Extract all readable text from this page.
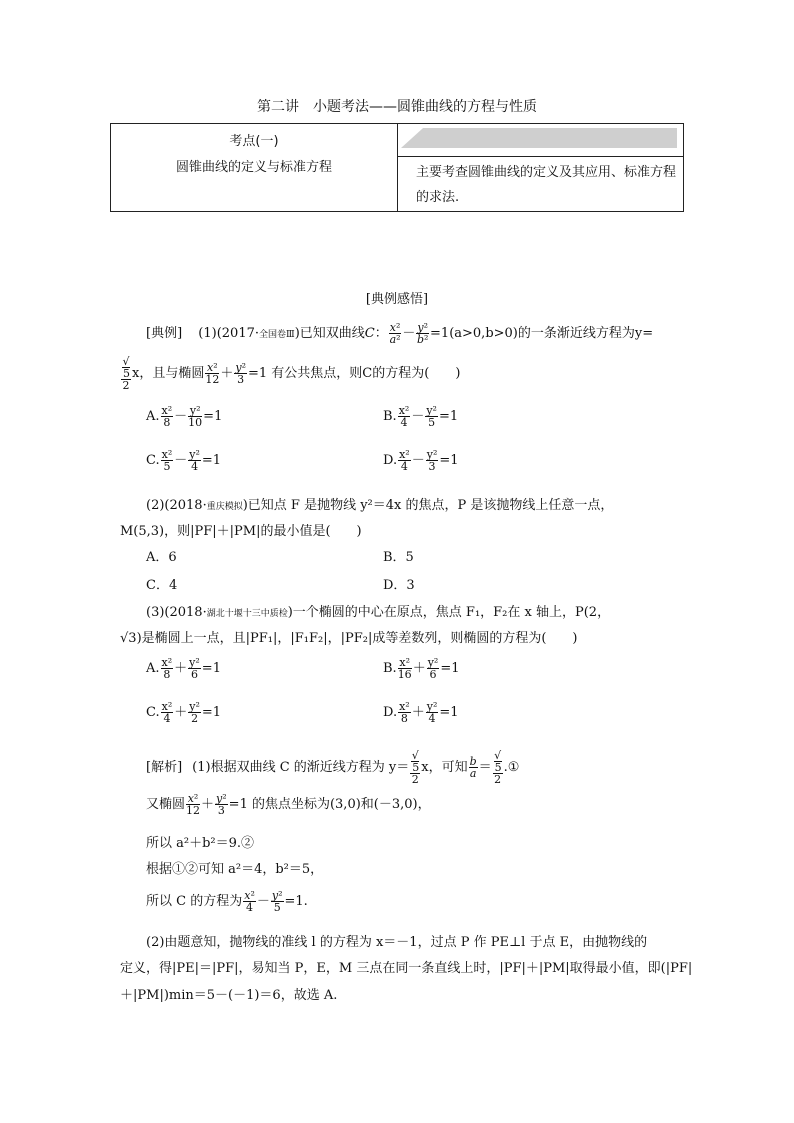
第二讲　小题考法——圆锥曲线的方程与性质
考点(一)
圆锥曲线的定义与标准方程	主要考查圆锥曲线的定义及其应用、标准方程的求法.
[典例感悟]
[典例] (1)(2017·全国卷Ⅲ)已知双曲线C： $\frac{\text{x²}}{\text{a²}} - \frac{\text{y²}}{\text{b²}} =1(a>0,b>0)$的一条渐近线方程为y=
√
5
2 x，且与椭圆 $\frac{\text{x²}}{12} + \frac{\text{y²}}{3} =1$ 有公共焦点，则C的方程为(　　)
A. $\frac{\text{x²}}{8} - \frac{\text{y²}}{10} =1$	B. $\frac{\text{x²}}{4} - \frac{\text{y²}}{5} =1$
C. $\frac{\text{x²}}{5} - \frac{\text{y²}}{4} =1$	D. $\frac{\text{x²}}{4} - \frac{\text{y²}}{3} =1$
(2)(2018·重庆模拟)已知点 F 是抛物线 y²＝4x 的焦点，P 是该抛物线上任意一点，
M(5,3)，则|PF|＋|PM|的最小值是(　　)
A．6	B．5
C．4	D．3
(3)(2018·湖北十堰十三中质检)一个椭圆的中心在原点，焦点 F₁，F₂在 x 轴上，P(2，
√3)是椭圆上一点，且|PF₁|，|F₁F₂|，|PF₂|成等差数列，则椭圆的方程为(　　)
A. $\frac{\text{x²}}{8} + \frac{\text{y²}}{6} =1$	B. $\frac{\text{x²}}{16} + \frac{\text{y²}}{6} =1$
C. $\frac{\text{x²}}{4} + \frac{\text{y²}}{2} =1$	D. $\frac{\text{x²}}{8} + \frac{\text{y²}}{4} =1$
[解析] (1)根据双曲线 C 的渐近线方程为 y＝ √
5
2 x，可知 $\frac{b}{a}$ ＝ √
5
2 .①
又椭圆 $\frac{\text{x²}}{12} + \frac{\text{y²}}{3} =1$ 的焦点坐标为(3,0)和(－3,0)，
所以 a²＋b²＝9.②
根据①②可知 a²＝4，b²＝5，
所以 C 的方程为 $\frac{\text{x²}}{4} - \frac{\text{y²}}{5} =1$.
(2)由题意知，抛物线的准线 l 的方程为 x＝－1，过点 P 作 PE⊥l 于点 E，由抛物线的
定义，得|PE|＝|PF|，易知当 P，E，M 三点在同一条直线上时，|PF|＋|PM|取得最小值，即(|PF|
＋|PM|)min＝5－(－1)＝6，故选 A.
